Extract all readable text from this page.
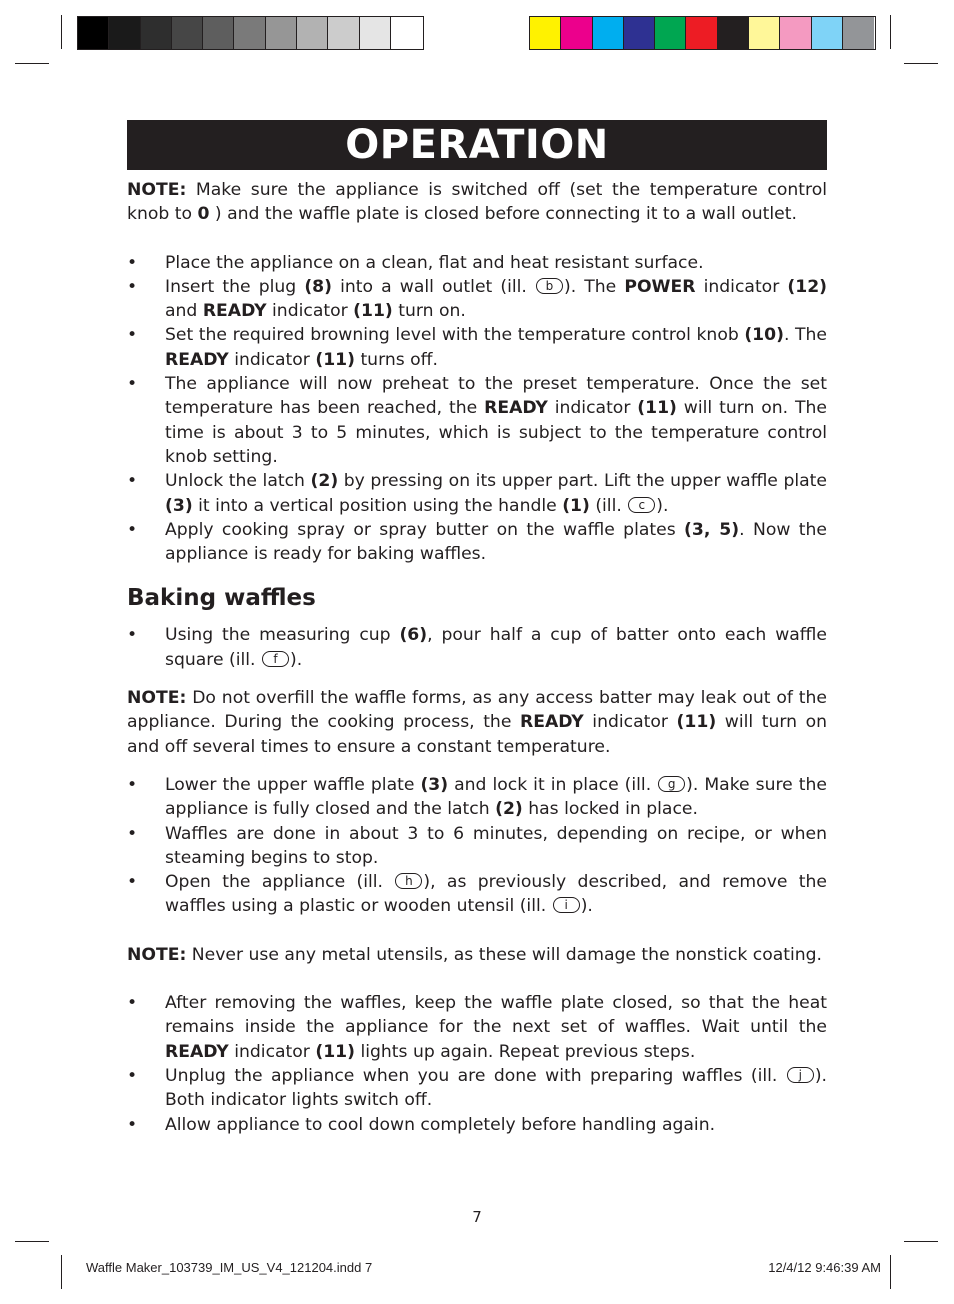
OPERATION

NOTE: Make sure the appliance is switched off (set the temperature control knob to 0 ) and the waffle plate is closed before connecting it to a wall outlet.

• Place the appliance on a clean, flat and heat resistant surface.
• Insert the plug (8) into a wall outlet (ill. b ). The POWER indicator (12) and READY indicator (11) turn on.
• Set the required browning level with the temperature control knob (10). The READY indicator (11) turns off.
• The appliance will now preheat to the preset temperature. Once the set temperature has been reached, the READY indicator (11) will turn on. The time is about 3 to 5 minutes, which is subject to the temperature control knob setting.
• Unlock the latch (2) by pressing on its upper part. Lift the upper waffle plate (3) it into a vertical position using the handle (1) (ill. c ).
• Apply cooking spray or spray butter on the waffle plates (3, 5). Now the appliance is ready for baking waffles.
Baking waffles
• Using the measuring cup (6), pour half a cup of batter onto each waffle square (ill. f ).

NOTE: Do not overfill the waffle forms, as any access batter may leak out of the appliance. During the cooking process, the READY indicator (11) will turn on and off several times to ensure a constant temperature.

• Lower the upper waffle plate (3) and lock it in place (ill. g ). Make sure the appliance is fully closed and the latch (2) has locked in place.
• Waffles are done in about 3 to 6 minutes, depending on recipe, or when steaming begins to stop.
• Open the appliance (ill. h ), as previously described, and remove the waffles using a plastic or wooden utensil (ill. i ).

NOTE: Never use any metal utensils, as these will damage the nonstick coating.

• After removing the waffles, keep the waffle plate closed, so that the heat remains inside the appliance for the next set of waffles. Wait until the READY indicator (11) lights up again. Repeat previous steps.
• Unplug the appliance when you are done with preparing waffles (ill. j ). Both indicator lights switch off.
• Allow appliance to cool down completely before handling again.
7
Waffle Maker_103739_IM_US_V4_121204.indd 7	12/4/12 9:46:39 AM
